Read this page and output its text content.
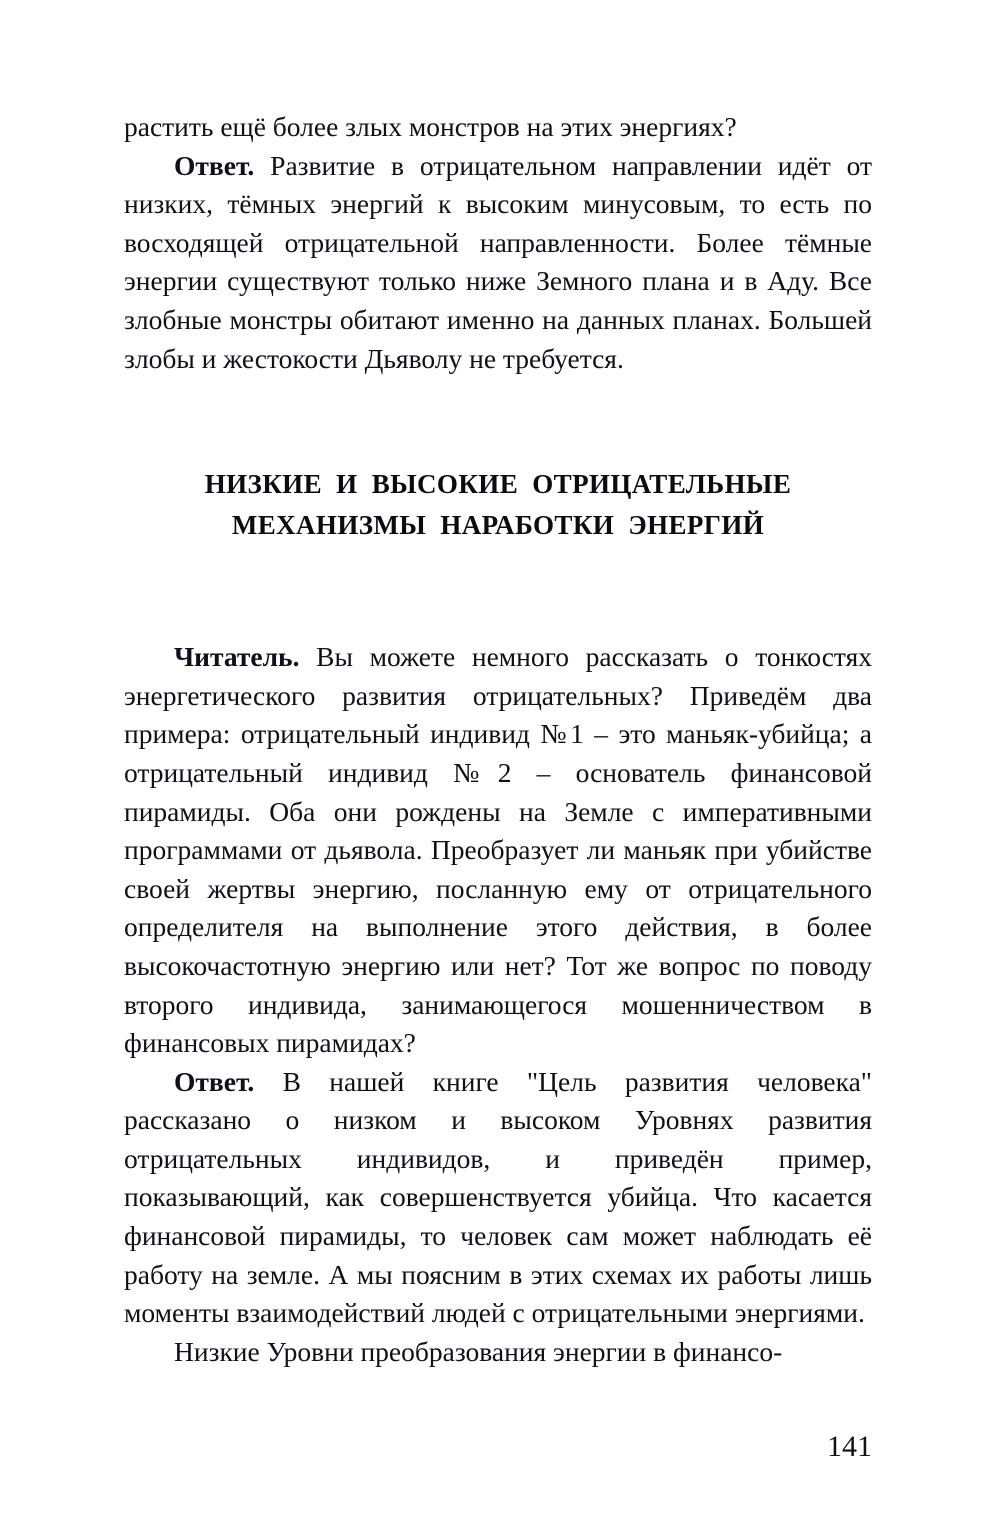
растить ещё более злых монстров на этих энергиях?

Ответ. Развитие в отрицательном направлении идёт от низких, тёмных энергий к высоким минусовым, то есть по восходящей отрицательной направленности. Более тёмные энергии существуют только ниже Земного плана и в Аду. Все злобные монстры обитают именно на данных планах. Большей злобы и жестокости Дьяволу не требуется.

НИЗКИЕ И ВЫСОКИЕ ОТРИЦАТЕЛЬНЫЕ
МЕХАНИЗМЫ НАРАБОТКИ ЭНЕРГИЙ

Читатель. Вы можете немного рассказать о тонкостях энергетического развития отрицательных? Приведём два примера: отрицательный индивид №1 – это маньяк-убийца; а отрицательный индивид №2 – основатель финансовой пирамиды. Оба они рождены на Земле с императивными программами от дьявола. Преобразует ли маньяк при убийстве своей жертвы энергию, посланную ему от отрицательного определителя на выполнение этого действия, в более высокочастотную энергию или нет? Тот же вопрос по поводу второго индивида, занимающегося мошенничеством в финансовых пирамидах?

Ответ. В нашей книге "Цель развития человека" рассказано о низком и высоком Уровнях развития отрицательных индивидов, и приведён пример, показывающий, как совершенствуется убийца. Что касается финансовой пирамиды, то человек сам может наблюдать её работу на земле. А мы поясним в этих схемах их работы лишь моменты взаимодействий людей с отрицательными энергиями.

Низкие Уровни преобразования энергии в финансо-

141
